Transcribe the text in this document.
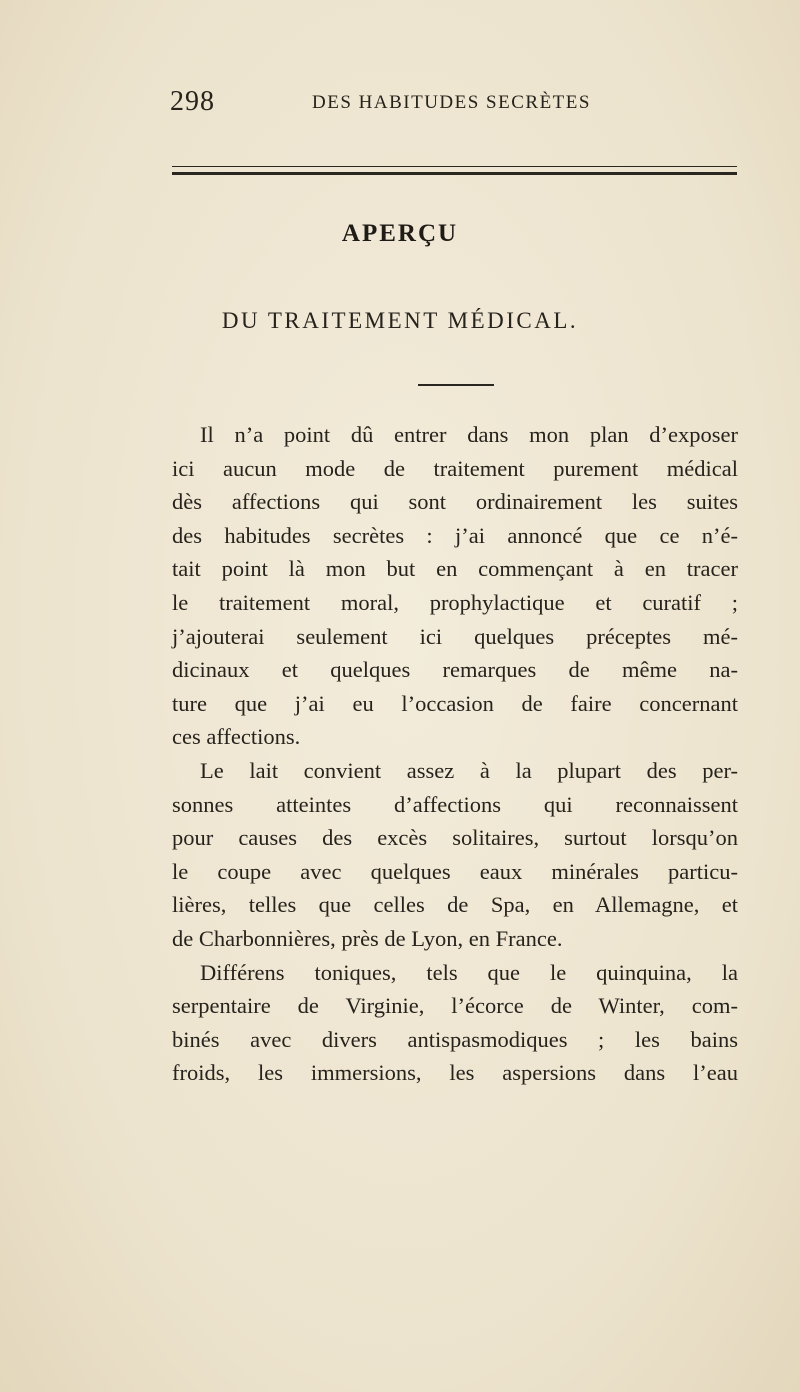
298	DES HABITUDES SECRÈTES
APERÇU
DU TRAITEMENT MÉDICAL.
Il n’a point dû entrer dans mon plan d’exposer
ici aucun mode de traitement purement médical
dès affections qui sont ordinairement les suites
des habitudes secrètes : j’ai annoncé que ce n’é-
tait point là mon but en commençant à en tracer
le traitement moral, prophylactique et curatif ;
j’ajouterai seulement ici quelques préceptes mé-
dicinaux et quelques remarques de même na-
ture que j’ai eu l’occasion de faire concernant
ces affections.
Le lait convient assez à la plupart des per-
sonnes atteintes d’affections qui reconnaissent
pour causes des excès solitaires, surtout lorsqu’on
le coupe avec quelques eaux minérales particu-
lières, telles que celles de Spa, en Allemagne, et
de Charbonnières, près de Lyon, en France.
Différens toniques, tels que le quinquina, la
serpentaire de Virginie, l’écorce de Winter, com-
binés avec divers antispasmodiques ; les bains
froids, les immersions, les aspersions dans l’eau
